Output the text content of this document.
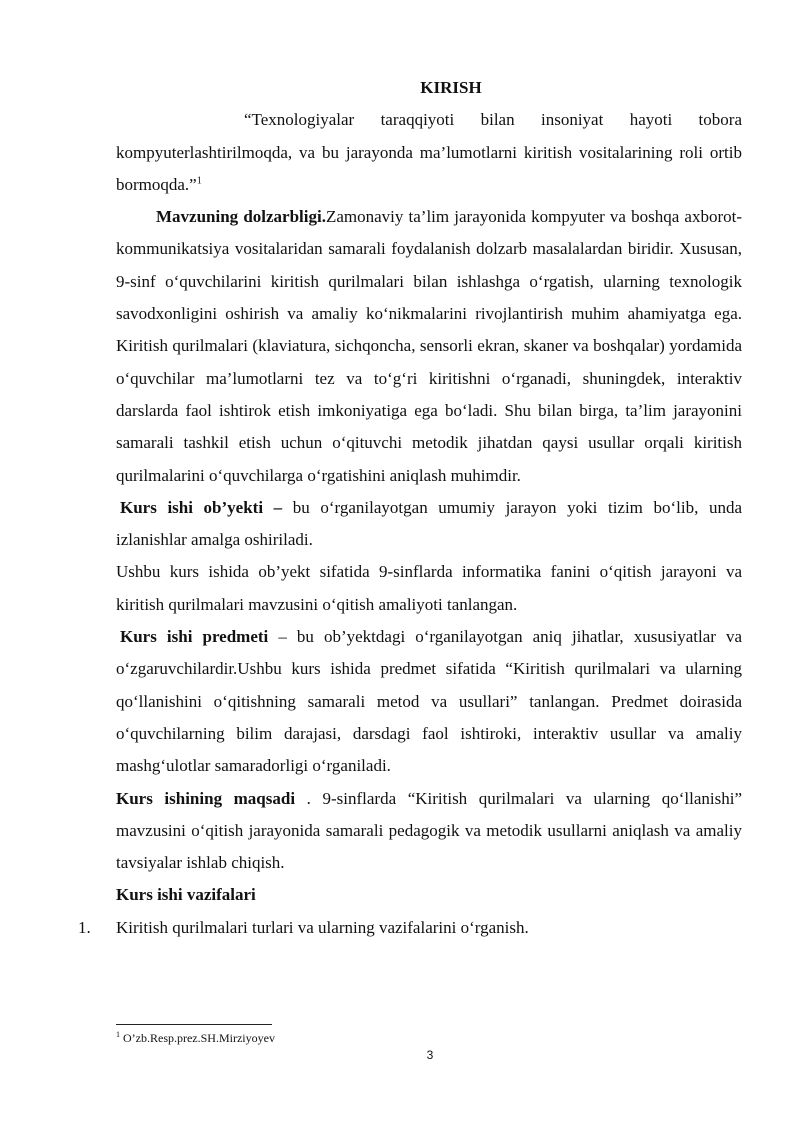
KIRISH

“Texnologiyalar taraqqiyoti bilan insoniyat hayoti tobora kompyuterlashtirilmoqda, va bu jarayonda ma’lumotlarni kiritish vositalarining roli ortib bormoqda.”$^1$

Mavzuning dolzarbligi.Zamonaviy ta’lim jarayonida kompyuter va boshqa axborot-kommunikatsiya vositalaridan samarali foydalanish dolzarb masalalardan biridir. Xususan, 9-sinf o‘quvchilarini kiritish qurilmalari bilan ishlashga o‘rgatish, ularning texnologik savodxonligini oshirish va amaliy ko‘nikmalarini rivojlantirish muhim ahamiyatga ega. Kiritish qurilmalari (klaviatura, sichqoncha, sensorli ekran, skaner va boshqalar) yordamida o‘quvchilar ma’lumotlarni tez va to‘g‘ri kiritishni o‘rganadi, shuningdek, interaktiv darslarda faol ishtirok etish imkoniyatiga ega bo‘ladi. Shu bilan birga, ta’lim jarayonini samarali tashkil etish uchun o‘qituvchi metodik jihatdan qaysi usullar orqali kiritish qurilmalarini o‘quvchilarga o‘rgatishini aniqlash muhimdir.

Kurs ishi ob’yekti – bu o‘rganilayotgan umumiy jarayon yoki tizim bo‘lib, unda izlanishlar amalga oshiriladi.

Ushbu kurs ishida ob’yekt sifatida 9-sinflarda informatika fanini o‘qitish jarayoni va kiritish qurilmalari mavzusini o‘qitish amaliyoti tanlangan.

Kurs ishi predmeti – bu ob’yektdagi o‘rganilayotgan aniq jihatlar, xususiyatlar va o‘zgaruvchilardir.Ushbu kurs ishida predmet sifatida “Kiritish qurilmalari va ularning qo‘llanishini o‘qitishning samarali metod va usullari” tanlangan. Predmet doirasida o‘quvchilarning bilim darajasi, darsdagi faol ishtiroki, interaktiv usullar va amaliy mashg‘ulotlar samaradorligi o‘rganiladi.

Kurs ishining maqsadi . 9-sinflarda “Kiritish qurilmalari va ularning qo‘llanishi” mavzusini o‘qitish jarayonida samarali pedagogik va metodik usullarni aniqlash va amaliy tavsiyalar ishlab chiqish.

Kurs ishi vazifalari

1. Kiritish qurilmalari turlari va ularning vazifalarini o‘rganish.
$^1$ O’zb.Resp.prez.SH.Mirziyoyev
3
